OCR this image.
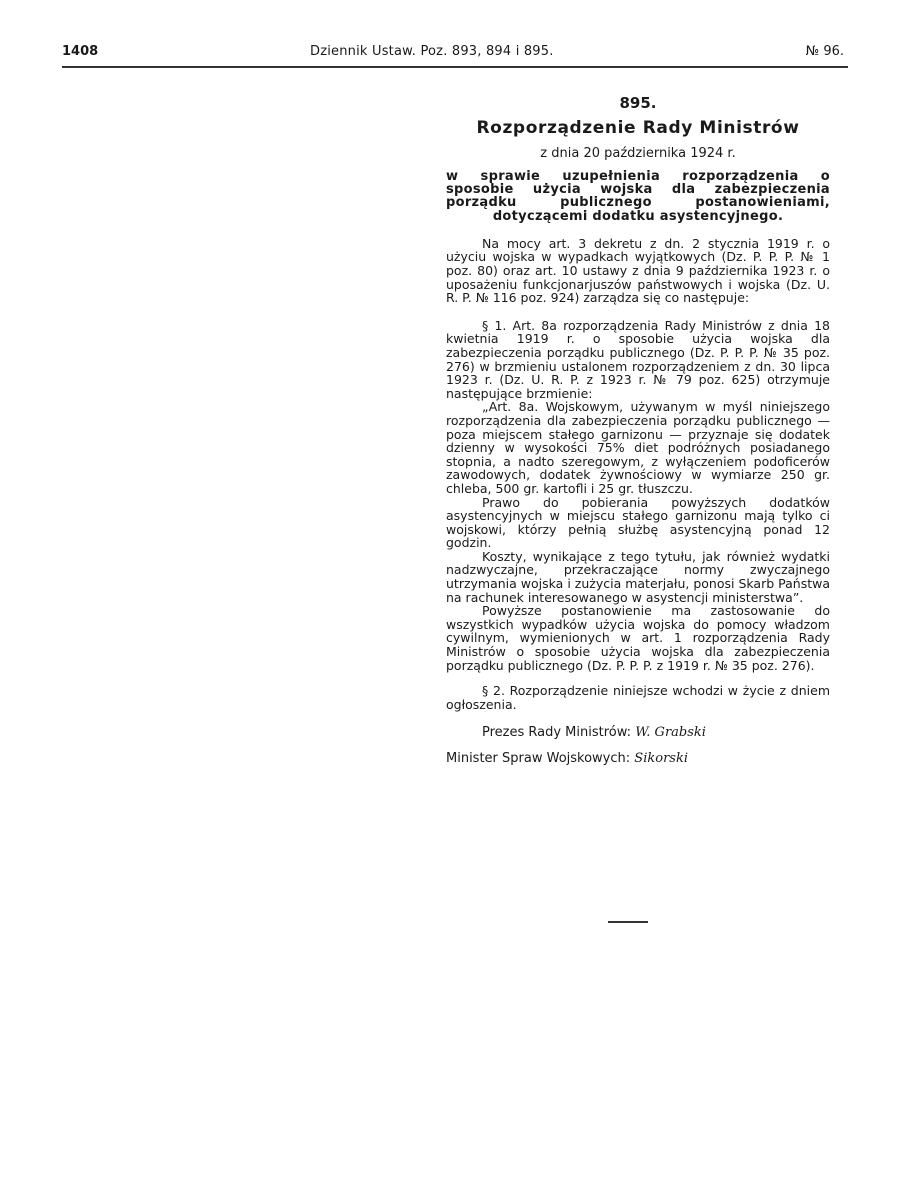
1408	Dziennik Ustaw. Poz. 893, 894 i 895.	№ 96.
895.
Rozporządzenie Rady Ministrów
z dnia 20 października 1924 r.
w sprawie uzupełnienia rozporządzenia o sposobie użycia wojska dla zabezpieczenia porządku publicznego postanowieniami, dotyczącemi dodatku asystencyjnego.

Na mocy art. 3 dekretu z dn. 2 stycznia 1919 r. o użyciu wojska w wypadkach wyjątkowych (Dz. P. P. P. № 1 poz. 80) oraz art. 10 ustawy z dnia 9 października 1923 r. o uposażeniu funkcjonarjuszów państwowych i wojska (Dz. U. R. P. № 116 poz. 924) zarządza się co następuje:

§ 1. Art. 8a rozporządzenia Rady Ministrów z dnia 18 kwietnia 1919 r. o sposobie użycia wojska dla zabezpieczenia porządku publicznego (Dz. P. P. P. № 35 poz. 276) w brzmieniu ustalonem rozporządzeniem z dn. 30 lipca 1923 r. (Dz. U. R. P. z 1923 r. № 79 poz. 625) otrzymuje następujące brzmienie:

„Art. 8a. Wojskowym, używanym w myśl niniejszego rozporządzenia dla zabezpieczenia porządku publicznego — poza miejscem stałego garnizonu — przyznaje się dodatek dzienny w wysokości 75% diet podróżnych posiadanego stopnia, a nadto szeregowym, z wyłączeniem podoficerów zawodowych, dodatek żywnościowy w wymiarze 250 gr. chleba, 500 gr. kartofli i 25 gr. tłuszczu.

Prawo do pobierania powyższych dodatków asystencyjnych w miejscu stałego garnizonu mają tylko ci wojskowi, którzy pełnią służbę asystencyjną ponad 12 godzin.

Koszty, wynikające z tego tytułu, jak również wydatki nadzwyczajne, przekraczające normy zwyczajnego utrzymania wojska i zużycia materjału, ponosi Skarb Państwa na rachunek interesowanego w asystencji ministerstwa”.

Powyższe postanowienie ma zastosowanie do wszystkich wypadków użycia wojska do pomocy władzom cywilnym, wymienionych w art. 1 rozporządzenia Rady Ministrów o sposobie użycia wojska dla zabezpieczenia porządku publicznego (Dz. P. P. P. z 1919 r. № 35 poz. 276).

§ 2. Rozporządzenie niniejsze wchodzi w życie z dniem ogłoszenia.

Prezes Rady Ministrów: W. Grabski
Minister Spraw Wojskowych: Sikorski
